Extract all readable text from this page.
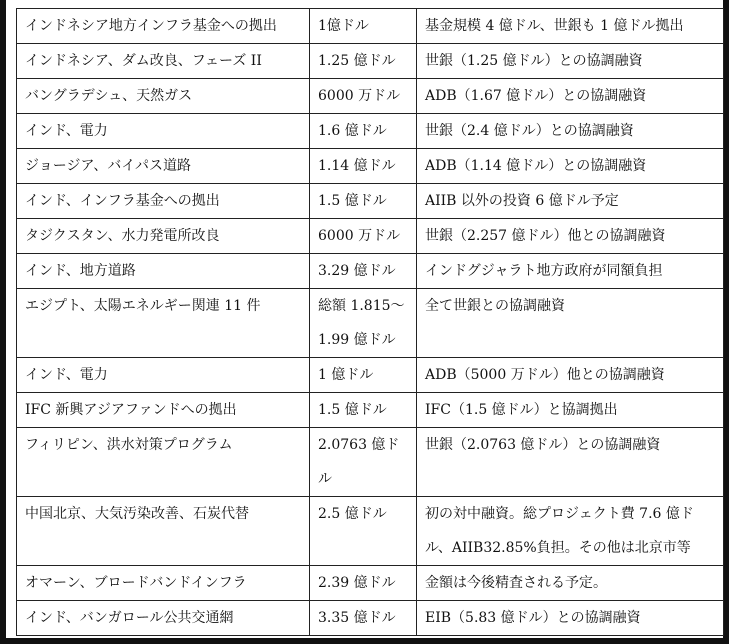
インドネシア地方インフラ基金への拠出	1億ドル	基金規模 4 億ドル、世銀も 1 億ドル拠出
インドネシア、ダム改良、フェーズ II	1.25 億ドル	世銀（1.25 億ドル）との協調融資
バングラデシュ、天然ガス	6000 万ドル	ADB（1.67 億ドル）との協調融資
インド、電力	1.6 億ドル	世銀（2.4 億ドル）との協調融資
ジョージア、バイパス道路	1.14 億ドル	ADB（1.14 億ドル）との協調融資
インド、インフラ基金への拠出	1.5 億ドル	AIIB 以外の投資 6 億ドル予定
タジクスタン、水力発電所改良	6000 万ドル	世銀（2.257 億ドル）他との協調融資
インド、地方道路	3.29 億ドル	インドグジャラト地方政府が同額負担
エジプト、太陽エネルギー関連 11 件	総額 1.815〜1.99 億ドル	全て世銀との協調融資
インド、電力	1 億ドル	ADB（5000 万ドル）他との協調融資
IFC 新興アジアファンドへの拠出	1.5 億ドル	IFC（1.5 億ドル）と協調拠出
フィリピン、洪水対策プログラム	2.0763 億ドル	世銀（2.0763 億ドル）との協調融資
中国北京、大気汚染改善、石炭代替	2.5 億ドル	初の対中融資。総プロジェクト費 7.6 億ドル、AIIB32.85%負担。その他は北京市等
オマーン、ブロードバンドインフラ	2.39 億ドル	金額は今後精査される予定。
インド、バンガロール公共交通網	3.35 億ドル	EIB（5.83 億ドル）との協調融資
